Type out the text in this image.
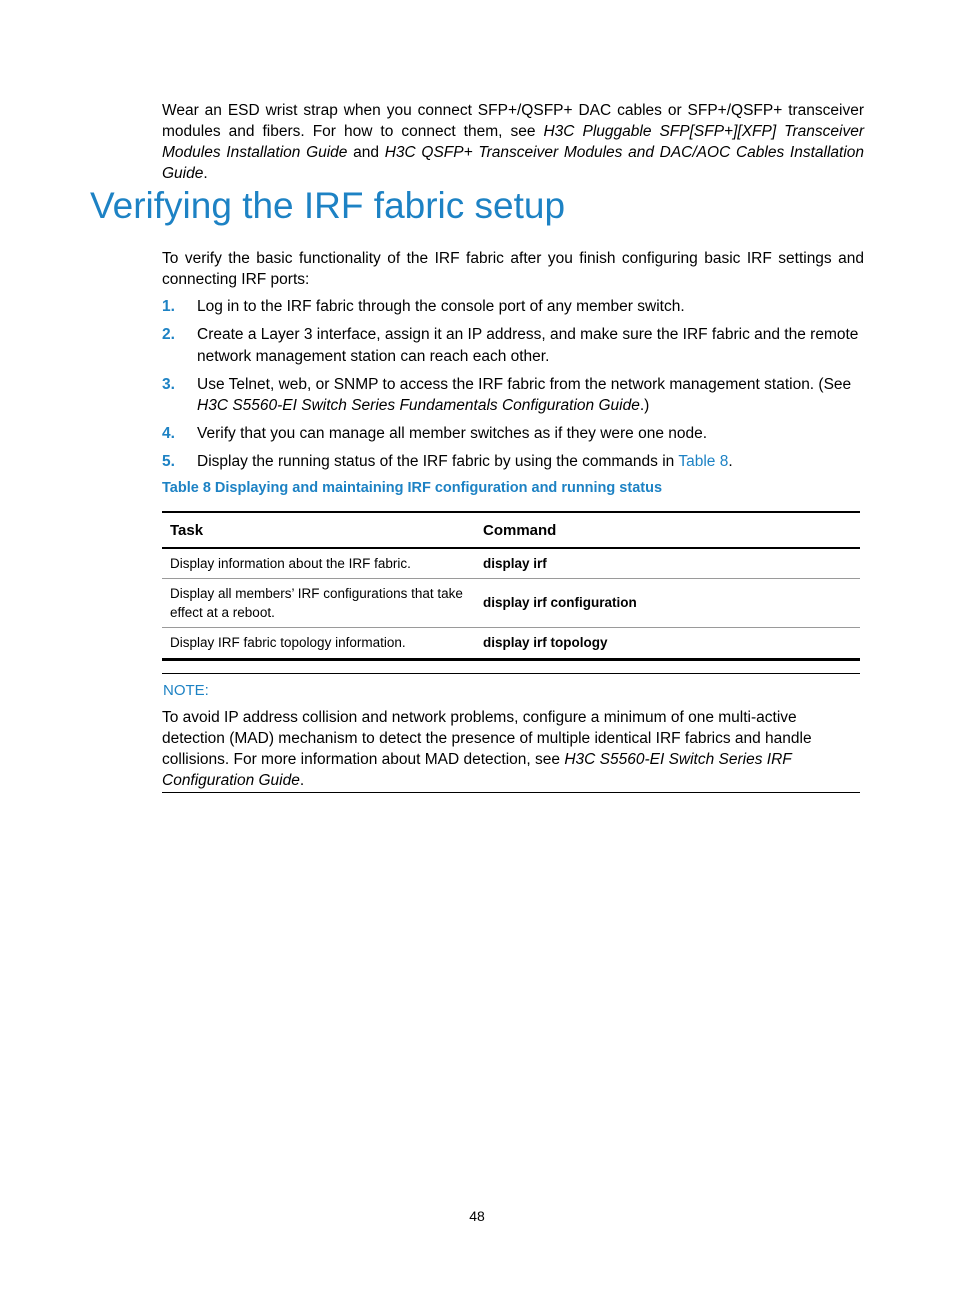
Wear an ESD wrist strap when you connect SFP+/QSFP+ DAC cables or SFP+/QSFP+ transceiver modules and fibers. For how to connect them, see H3C Pluggable SFP[SFP+][XFP] Transceiver Modules Installation Guide and H3C QSFP+ Transceiver Modules and DAC/AOC Cables Installation Guide.
Verifying the IRF fabric setup
To verify the basic functionality of the IRF fabric after you finish configuring basic IRF settings and connecting IRF ports:
1. Log in to the IRF fabric through the console port of any member switch.
2. Create a Layer 3 interface, assign it an IP address, and make sure the IRF fabric and the remote network management station can reach each other.
3. Use Telnet, web, or SNMP to access the IRF fabric from the network management station. (See H3C S5560-EI Switch Series Fundamentals Configuration Guide.)
4. Verify that you can manage all member switches as if they were one node.
5. Display the running status of the IRF fabric by using the commands in Table 8.
Table 8 Displaying and maintaining IRF configuration and running status
Task	Command
Display information about the IRF fabric.	display irf
Display all members’ IRF configurations that take effect at a reboot.	display irf configuration
Display IRF fabric topology information.	display irf topology
NOTE:
To avoid IP address collision and network problems, configure a minimum of one multi-active detection (MAD) mechanism to detect the presence of multiple identical IRF fabrics and handle collisions. For more information about MAD detection, see H3C S5560-EI Switch Series IRF Configuration Guide.
48
